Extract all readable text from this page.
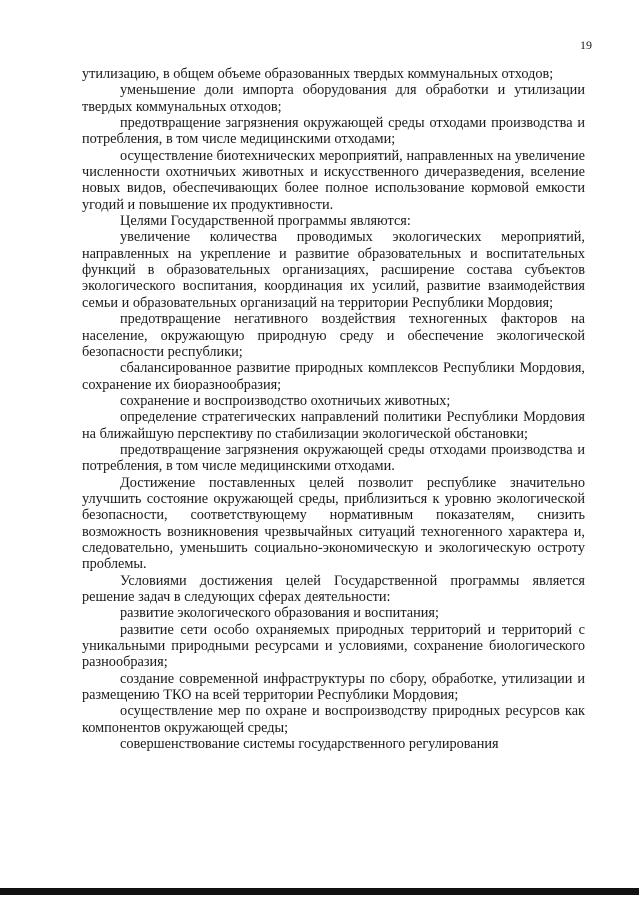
19

утилизацию, в общем объеме образованных твердых коммунальных отходов;

уменьшение доли импорта оборудования для обработки и утилизации твердых коммунальных отходов;

предотвращение загрязнения окружающей среды отходами производства и потребления, в том числе медицинскими отходами;

осуществление биотехнических мероприятий, направленных на увеличение численности охотничьих животных и искусственного дичеразведения, вселение новых видов, обеспечивающих более полное использование кормовой емкости угодий и повышение их продуктивности.

Целями Государственной программы являются:

увеличение количества проводимых экологических мероприятий, направленных на укрепление и развитие образовательных и воспитательных функций в образовательных организациях, расширение состава субъектов экологического воспитания, координация их усилий, развитие взаимодействия семьи и образовательных организаций на территории Республики Мордовия;

предотвращение негативного воздействия техногенных факторов на население, окружающую природную среду и обеспечение экологической безопасности республики;

сбалансированное развитие природных комплексов Республики Мордовия, сохранение их биоразнообразия;

сохранение и воспроизводство охотничьих животных;

определение стратегических направлений политики Республики Мордовия на ближайшую перспективу по стабилизации экологической обстановки;

предотвращение загрязнения окружающей среды отходами производства и потребления, в том числе медицинскими отходами.

Достижение поставленных целей позволит республике значительно улучшить состояние окружающей среды, приблизиться к уровню экологической безопасности, соответствующему нормативным показателям, снизить возможность возникновения чрезвычайных ситуаций техногенного характера и, следовательно, уменьшить социально-экономическую и экологическую остроту проблемы.

Условиями достижения целей Государственной программы является решение задач в следующих сферах деятельности:

развитие экологического образования и воспитания;

развитие сети особо охраняемых природных территорий и территорий с уникальными природными ресурсами и условиями, сохранение биологического разнообразия;

создание современной инфраструктуры по сбору, обработке, утилизации и размещению ТКО на всей территории Республики Мордовия;

осуществление мер по охране и воспроизводству природных ресурсов как компонентов окружающей среды;

совершенствование системы государственного регулирования
